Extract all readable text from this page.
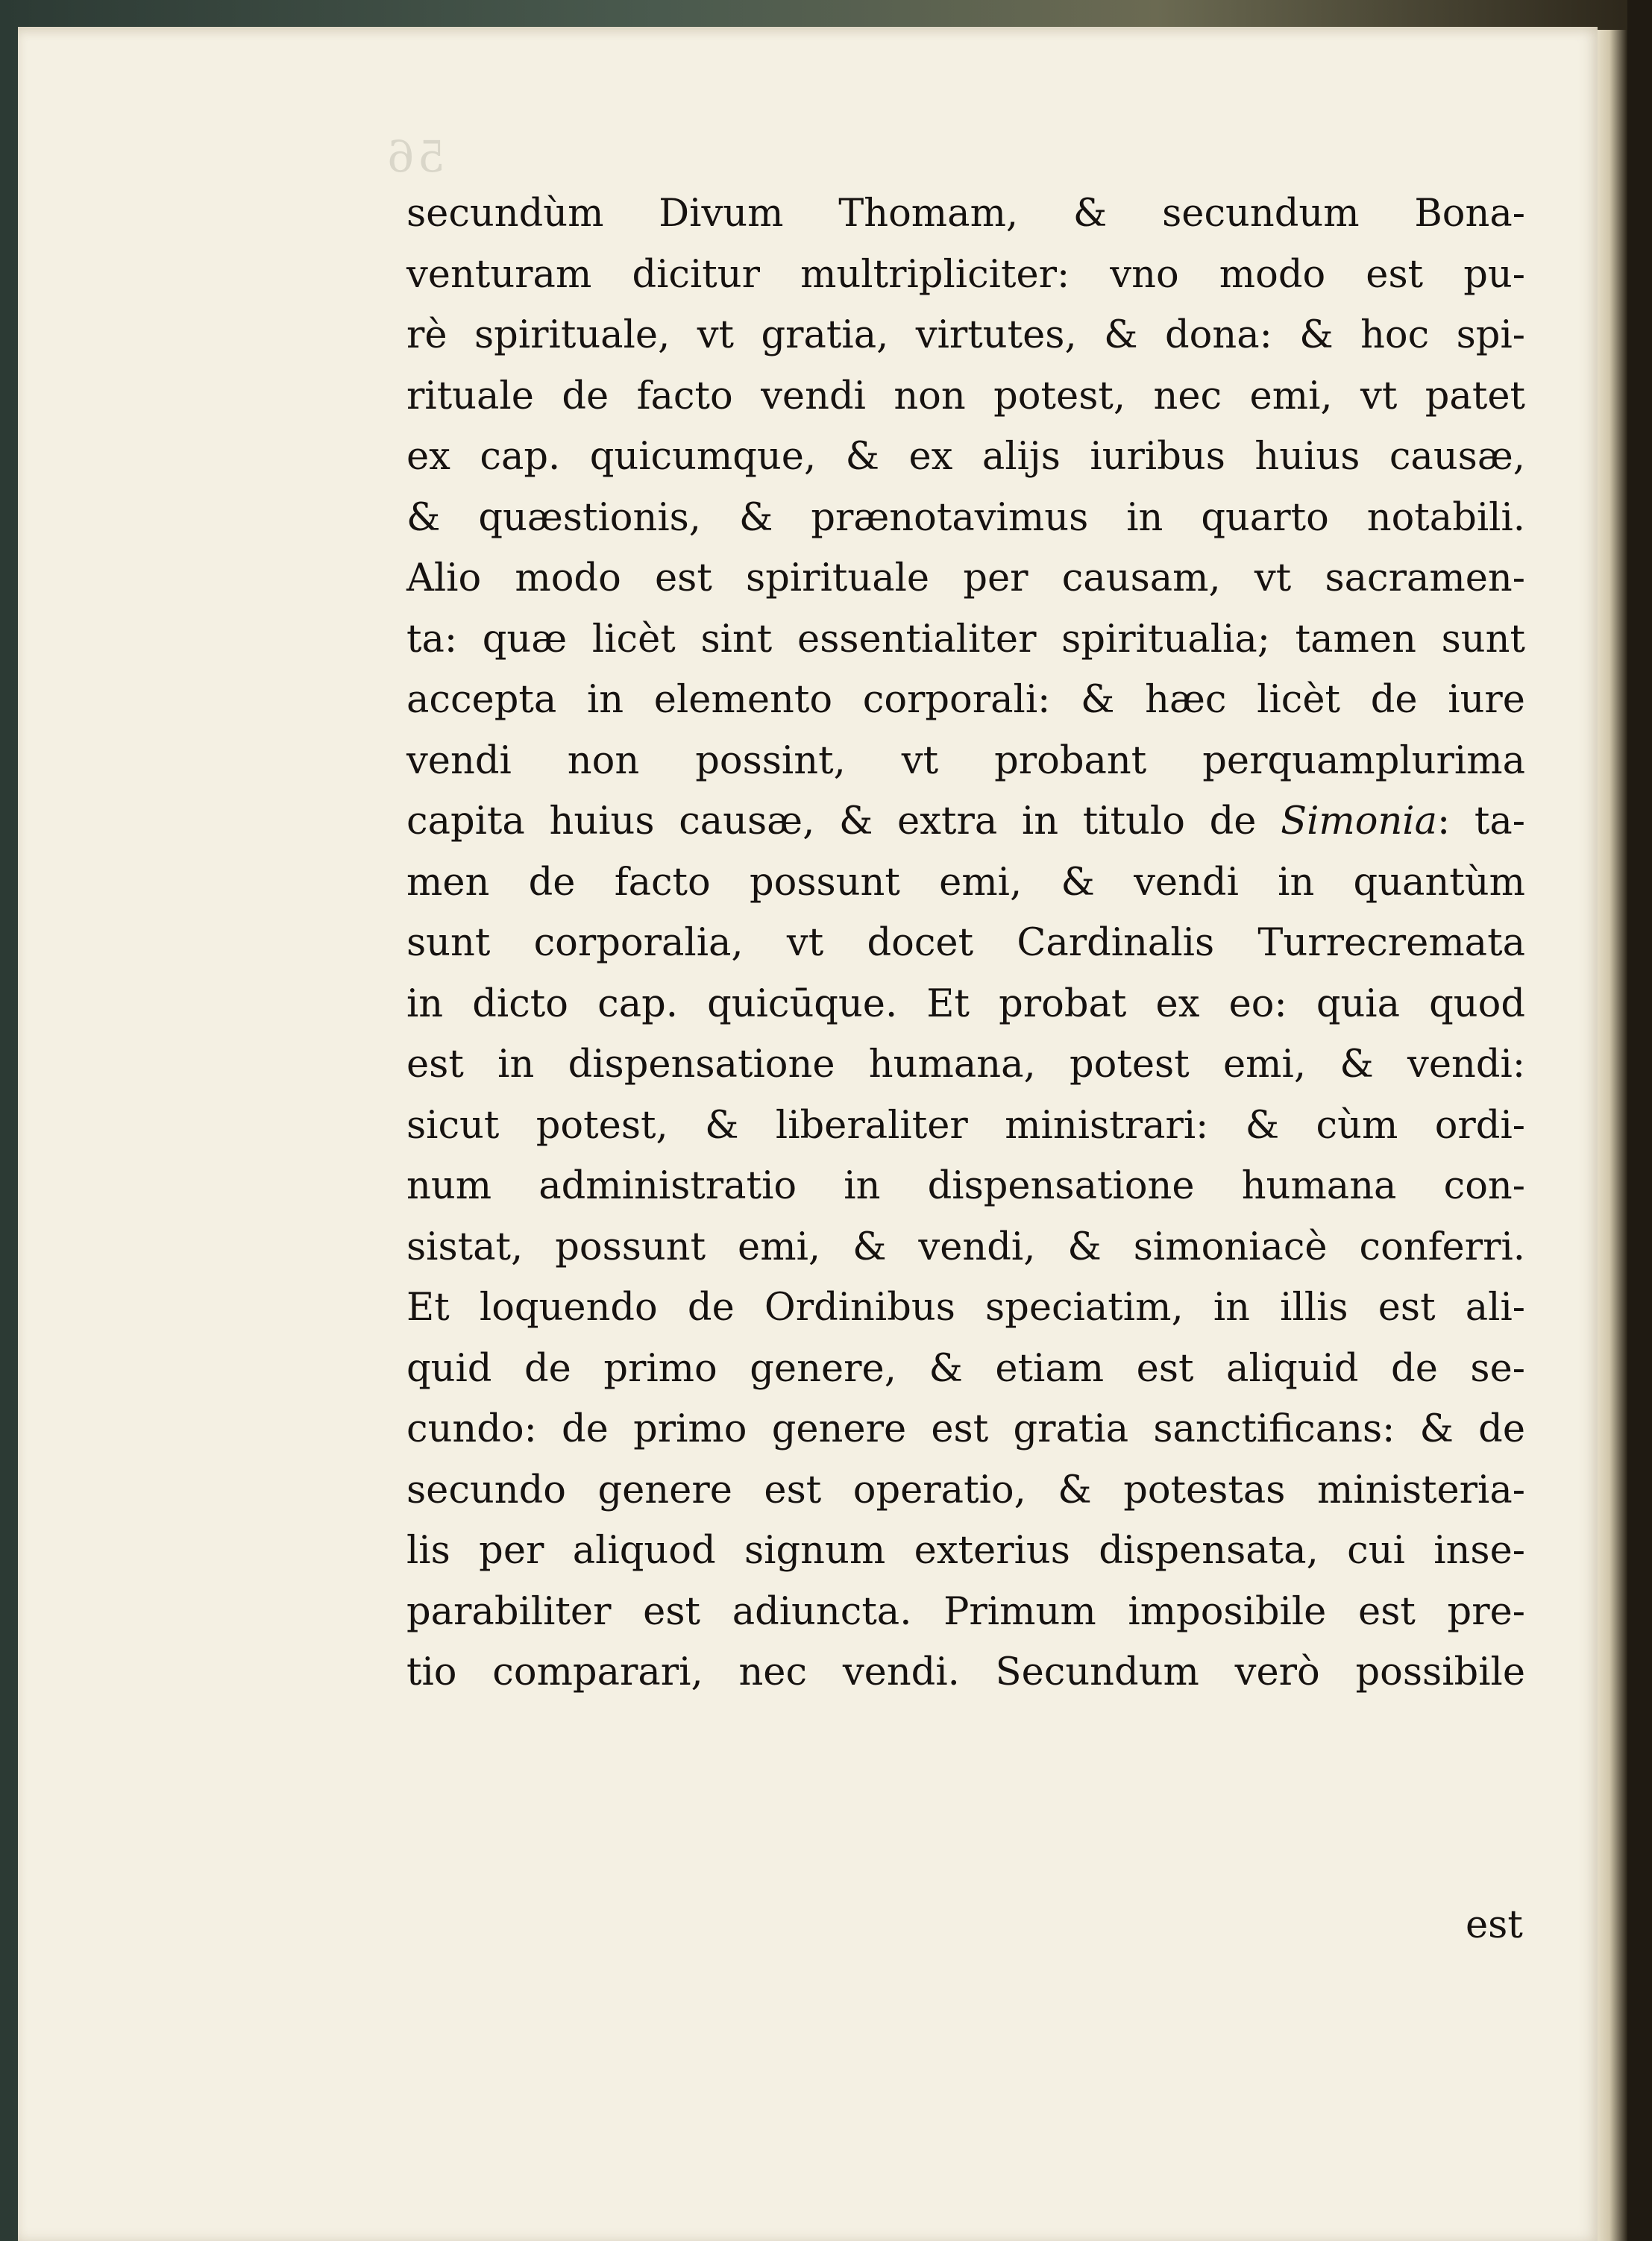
56
secundùm Divum Thomam, & secundum Bona-
venturam dicitur multripliciter: vno modo est pu-
rè spirituale, vt gratia, virtutes, & dona: & hoc spi-
rituale de facto vendi non potest, nec emi, vt patet
ex cap. quicumque, & ex alijs iuribus huius causæ,
& quæstionis, & prænotavimus in quarto notabili.
Alio modo est spirituale per causam, vt sacramen-
ta: quæ licèt sint essentialiter spiritualia; tamen sunt
accepta in elemento corporali: & hæc licèt de iure
vendi non possint, vt probant perquamplurima
capita huius causæ, & extra in titulo de Simonia: ta-
men de facto possunt emi, & vendi in quantùm
sunt corporalia, vt docet Cardinalis Turrecremata
in dicto cap. quicūque. Et probat ex eo: quia quod
est in dispensatione humana, potest emi, & vendi:
sicut potest, & liberaliter ministrari: & cùm ordi-
num administratio in dispensatione humana con-
sistat, possunt emi, & vendi, & simoniacè conferri.
Et loquendo de Ordinibus speciatim, in illis est ali-
quid de primo genere, & etiam est aliquid de se-
cundo: de primo genere est gratia sanctificans: & de
secundo genere est operatio, & potestas ministeria-
lis per aliquod signum exterius dispensata, cui inse-
parabiliter est adiuncta. Primum imposibile est pre-
tio comparari, nec vendi. Secundum verò possibile
est
